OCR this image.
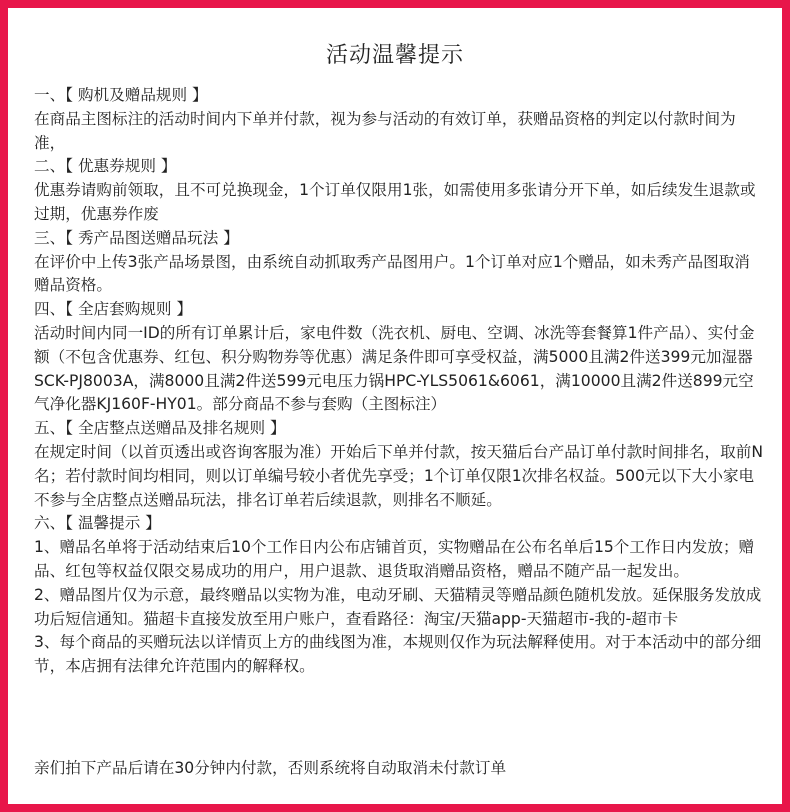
活动温馨提示

一、【 购机及赠品规则 】

在商品主图标注的活动时间内下单并付款，视为参与活动的有效订单，获赠品资格的判定以付款时间为准，

二、【 优惠券规则 】

优惠券请购前领取，且不可兑换现金，1个订单仅限用1张，如需使用多张请分开下单，如后续发生退款或过期，优惠券作废

三、【 秀产品图送赠品玩法 】

在评价中上传3张产品场景图，由系统自动抓取秀产品图用户。1个订单对应1个赠品，如未秀产品图取消赠品资格。

四、【 全店套购规则 】

活动时间内同一ID的所有订单累计后，家电件数（洗衣机、厨电、空调、冰洗等套餐算1件产品）、实付金额（不包含优惠券、红包、积分购物券等优惠）满足条件即可享受权益，满5000且满2件送399元加湿器SCK-PJ8003A，满8000且满2件送599元电压力锅HPC-YLS5061&6061，满10000且满2件送899元空气净化器KJ160F-HY01。部分商品不参与套购（主图标注）

五、【 全店整点送赠品及排名规则 】

在规定时间（以首页透出或咨询客服为准）开始后下单并付款，按天猫后台产品订单付款时间排名，取前N名；若付款时间均相同，则以订单编号较小者优先享受；1个订单仅限1次排名权益。500元以下大小家电不参与全店整点送赠品玩法，排名订单若后续退款，则排名不顺延。

六、【 温馨提示 】

1、赠品名单将于活动结束后10个工作日内公布店铺首页，实物赠品在公布名单后15个工作日内发放；赠品、红包等权益仅限交易成功的用户，用户退款、退货取消赠品资格，赠品不随产品一起发出。

2、赠品图片仅为示意，最终赠品以实物为准，电动牙刷、天猫精灵等赠品颜色随机发放。延保服务发放成功后短信通知。猫超卡直接发放至用户账户，查看路径：淘宝/天猫app-天猫超市-我的-超市卡

3、每个商品的买赠玩法以详情页上方的曲线图为准，本规则仅作为玩法解释使用。对于本活动中的部分细节，本店拥有法律允许范围内的解释权。

亲们拍下产品后请在30分钟内付款，否则系统将自动取消未付款订单
